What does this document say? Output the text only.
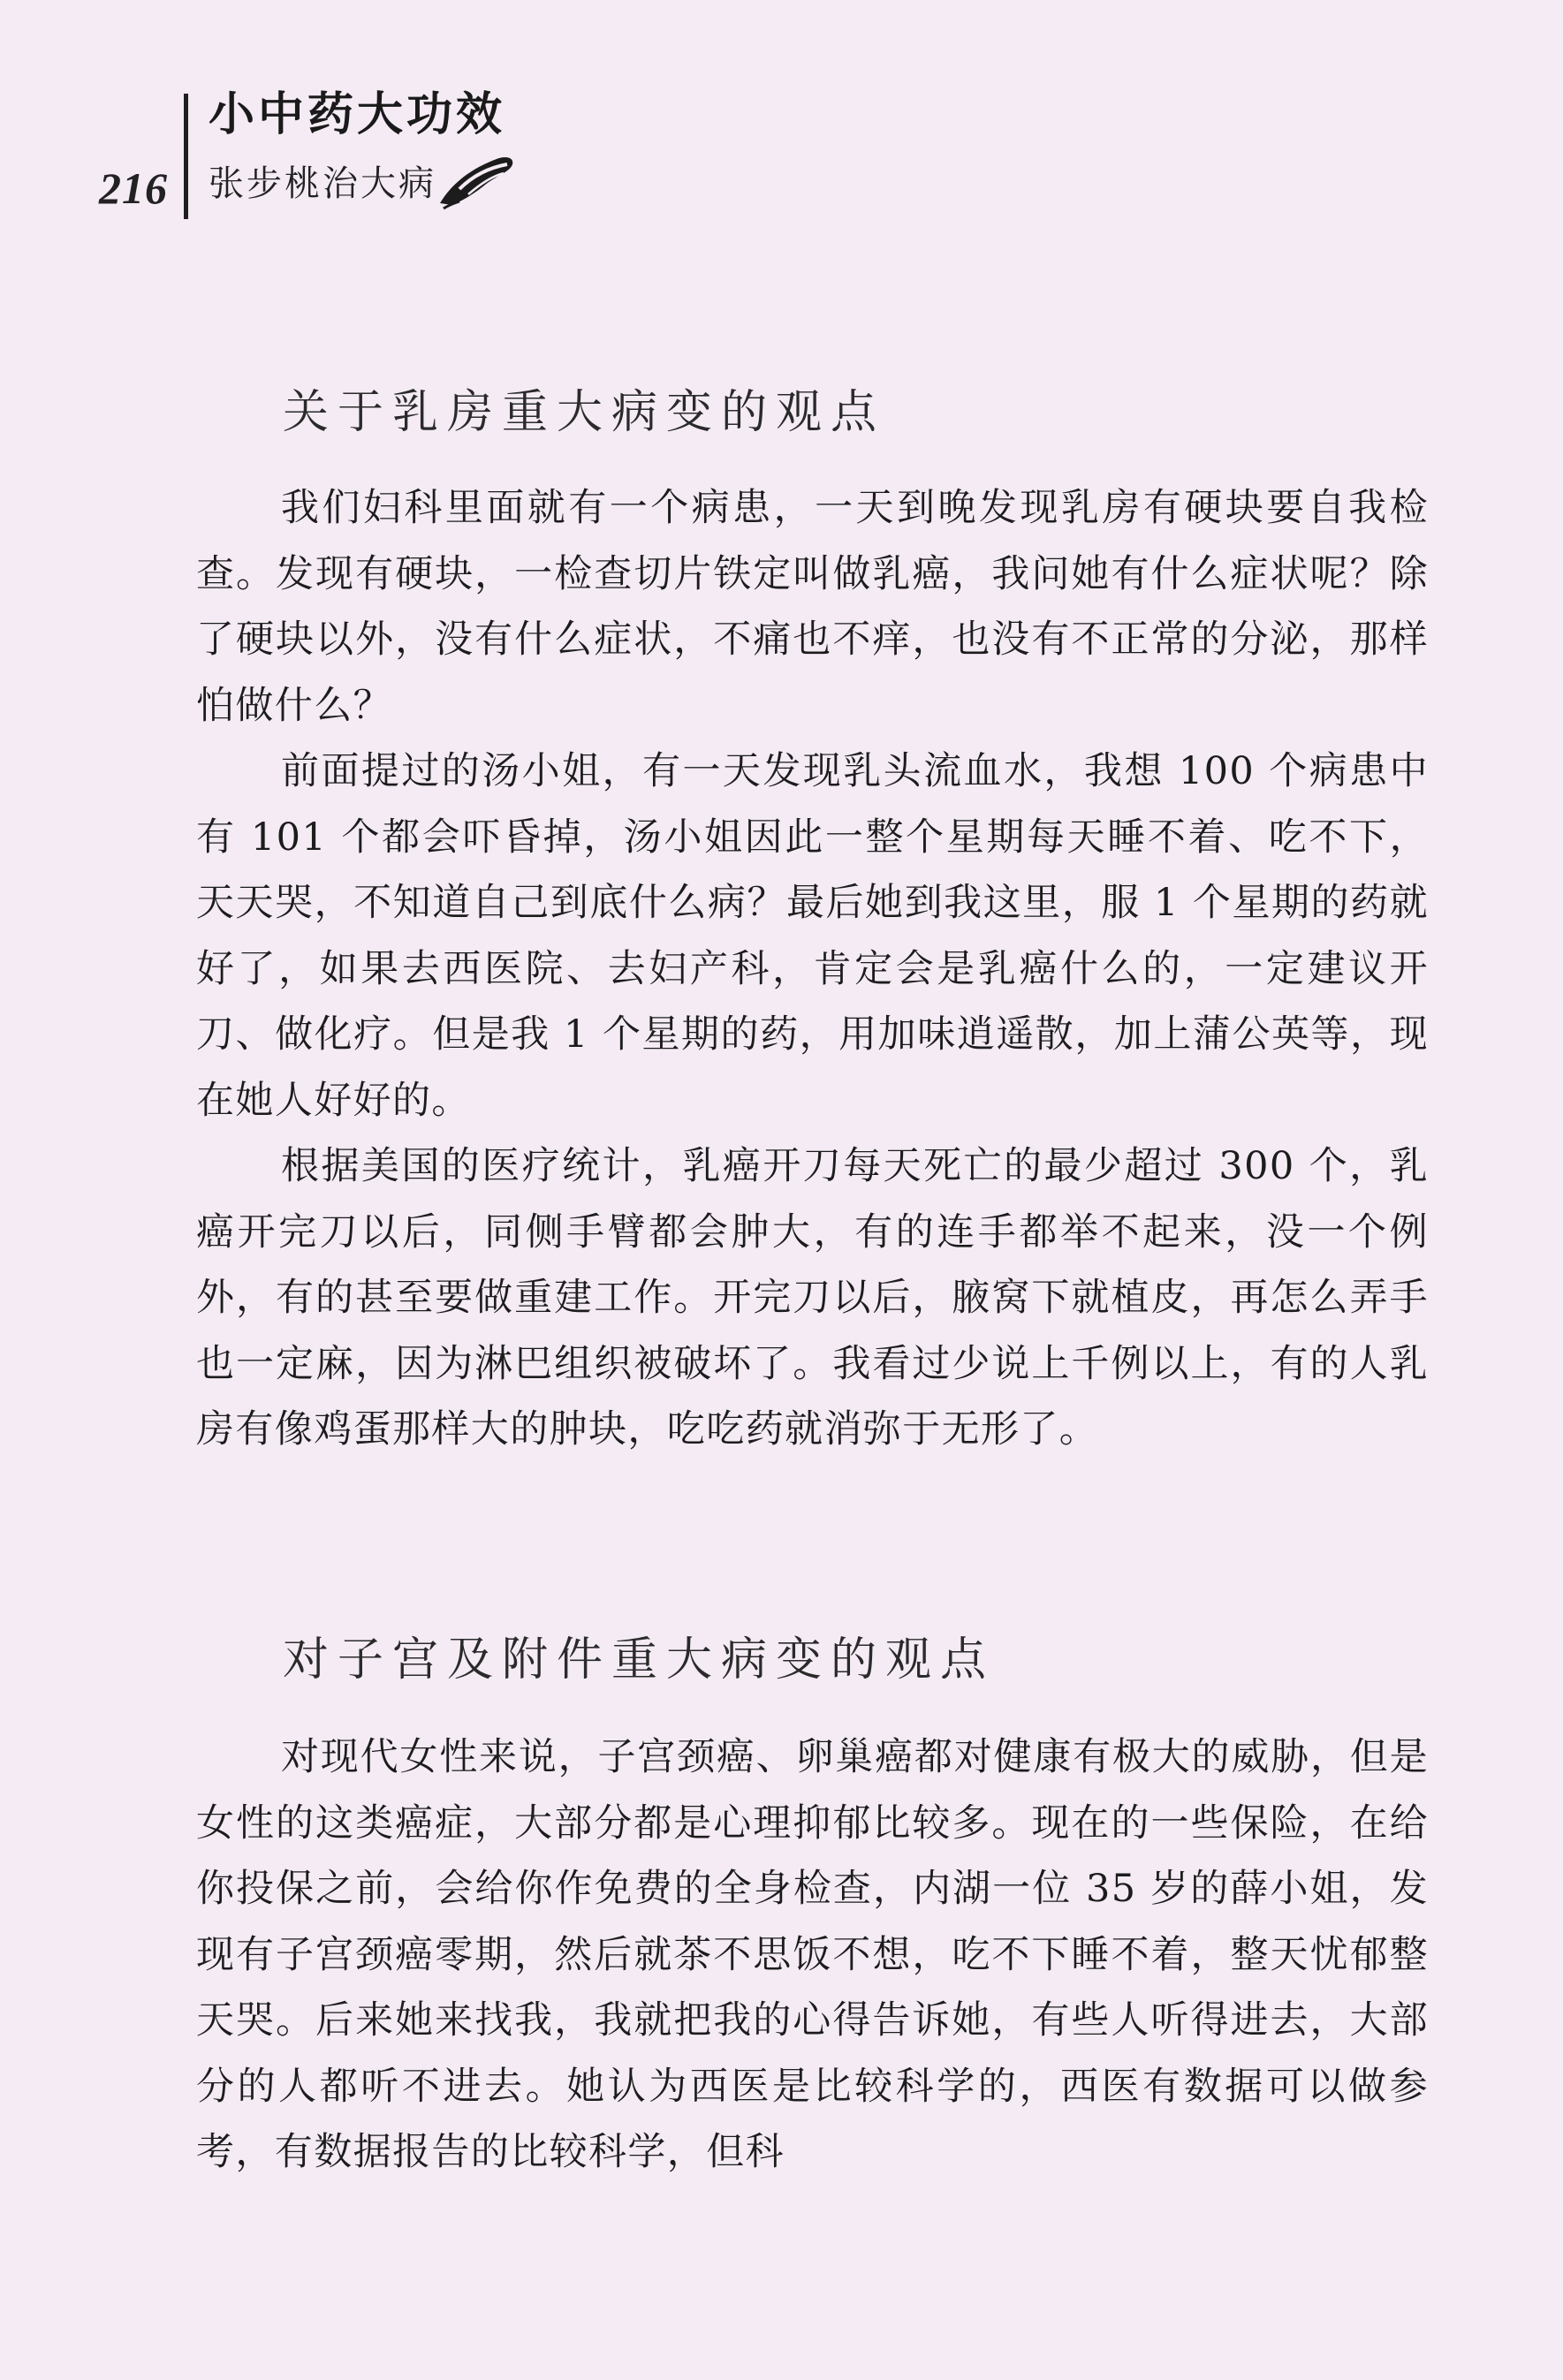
216
小中药大功效
张步桃治大病
关于乳房重大病变的观点

我们妇科里面就有一个病患，一天到晚发现乳房有硬块要自我检查。发现有硬块，一检查切片铁定叫做乳癌，我问她有什么症状呢？除了硬块以外，没有什么症状，不痛也不痒，也没有不正常的分泌，那样怕做什么？

前面提过的汤小姐，有一天发现乳头流血水，我想 100 个病患中有 101 个都会吓昏掉，汤小姐因此一整个星期每天睡不着、吃不下，天天哭，不知道自己到底什么病？最后她到我这里，服 1 个星期的药就好了，如果去西医院、去妇产科，肯定会是乳癌什么的，一定建议开刀、做化疗。但是我 1 个星期的药，用加味逍遥散，加上蒲公英等，现在她人好好的。

根据美国的医疗统计，乳癌开刀每天死亡的最少超过 300 个，乳癌开完刀以后，同侧手臂都会肿大，有的连手都举不起来，没一个例外，有的甚至要做重建工作。开完刀以后，腋窝下就植皮，再怎么弄手也一定麻，因为淋巴组织被破坏了。我看过少说上千例以上，有的人乳房有像鸡蛋那样大的肿块，吃吃药就消弥于无形了。

对子宫及附件重大病变的观点

对现代女性来说，子宫颈癌、卵巢癌都对健康有极大的威胁，但是女性的这类癌症，大部分都是心理抑郁比较多。现在的一些保险，在给你投保之前，会给你作免费的全身检查，内湖一位 35 岁的薛小姐，发现有子宫颈癌零期，然后就茶不思饭不想，吃不下睡不着，整天忧郁整天哭。后来她来找我，我就把我的心得告诉她，有些人听得进去，大部分的人都听不进去。她认为西医是比较科学的，西医有数据可以做参考，有数据报告的比较科学，但科
